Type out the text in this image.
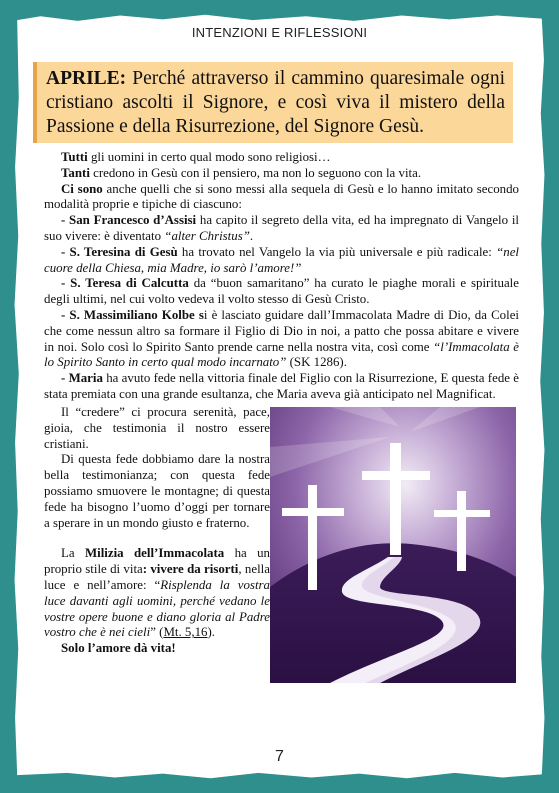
INTENZIONI E RIFLESSIONI
APRILE: Perché attraverso il cammino quaresimale ogni cristiano ascolti il Signore, e così viva il mistero della Passione e della Risurrezione, del Signore Gesù.

Tutti gli uomini in certo qual modo sono religiosi…

Tanti credono in Gesù con il pensiero, ma non lo seguono con la vita.

Ci sono anche quelli che si sono messi alla sequela di Gesù e lo hanno imitato secondo modalità proprie e tipiche di ciascuno:

- San Francesco d’Assisi ha capito il segreto della vita, ed ha impregnato di Vangelo il suo vivere: è diventato “alter Christus”.

- S. Teresina di Gesù ha trovato nel Vangelo la via più universale e più radicale: “nel cuore della Chiesa, mia Madre, io sarò l’amore!”

- S. Teresa di Calcutta da “buon samaritano” ha curato le piaghe morali e spirituale degli ultimi, nel cui volto vedeva il volto stesso di Gesù Cristo.

- S. Massimiliano Kolbe si è lasciato guidare dall’Immacolata Madre di Dio, da Colei che come nessun altro sa formare il Figlio di Dio in noi, a patto che possa abitare e vivere in noi. Solo così lo Spirito Santo prende carne nella nostra vita, così come “l’Immacolata è lo Spirito Santo in certo qual modo incarnato” (SK 1286).

- Maria ha avuto fede nella vittoria finale del Figlio con la Risurrezione, E questa fede è stata premiata con una grande esultanza, che Maria aveva già anticipato nel Magnificat.

Il “credere” ci procura serenità, pace, gioia, che testimonia il nostro essere cristiani.

Di questa fede dobbiamo dare la nostra bella testimonianza; con questa fede possiamo smuovere le montagne; di questa fede ha bisogno l’uomo d’oggi per tornare a sperare in un mondo giusto e fraterno.

La Milizia dell’Immacolata ha un proprio stile di vita: vivere da risorti, nella luce e nell’amore: “Risplenda la vostra luce davanti agli uomini, perché vedano le vostre opere buone e diano gloria al Padre vostro che è nei cieli” (Mt. 5,16).

Solo l’amore dà vita!

7
